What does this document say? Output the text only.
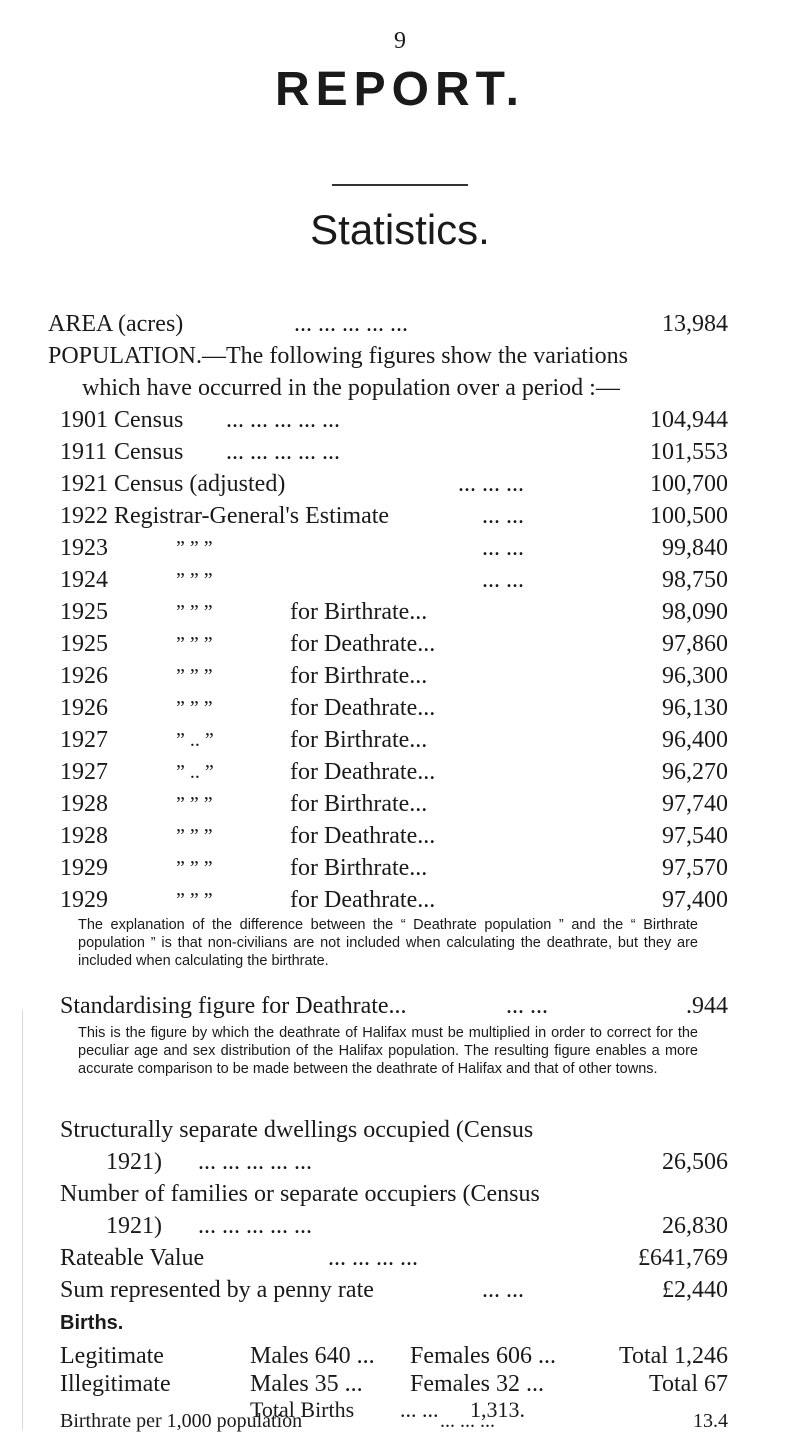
9
REPORT.
Statistics.
AREA (acres)	... ... ... ... ...	13,984
POPULATION.—The following figures show the variations
which have occurred in the population over a period :—
1901 Census ... ... ... ... ...	104,944
1911 Census ... ... ... ... ...	101,553
1921 Census (adjusted)	... ... ...	100,700
1922 Registrar-General's Estimate	... ...	100,500
1923	” ” ”	... ...	99,840
1924	” ” ”	... ...	98,750
1925	” ” ”	for Birthrate...	98,090
1925	” ” ”	for Deathrate...	97,860
1926	” ” ”	for Birthrate...	96,300
1926	” ” ”	for Deathrate...	96,130
1927	” .. ”	for Birthrate...	96,400
1927	” .. ”	for Deathrate...	96,270
1928	” ” ”	for Birthrate...	97,740
1928	” ” ”	for Deathrate...	97,540
1929	” ” ”	for Birthrate...	97,570
1929	” ” ”	for Deathrate...	97,400
The explanation of the difference between the “ Deathrate population ” and the “ Birthrate population ” is that non-civilians are not included when calculating the deathrate, but they are included when calculating the birthrate.
Standardising figure for Deathrate...	... ...	.944
This is the figure by which the deathrate of Halifax must be multiplied in order to correct for the peculiar age and sex distribution of the Halifax population. The resulting figure enables a more accurate comparison to be made between the deathrate of Halifax and that of other towns.
Structurally separate dwellings occupied (Census
1921) ... ... ... ... ...	26,506
Number of families or separate occupiers (Census
1921) ... ... ... ... ...	26,830
Rateable Value	... ... ... ...	£641,769
Sum represented by a penny rate	... ...	£2,440
Births.
Legitimate	Males 640 ... Females 606 ...	Total 1,246
Illegitimate	Males 35 ... Females 32 ...	Total 67
Total Births ... ... 1,313.
Birthrate per 1,000 population	... ... ...	13.4
